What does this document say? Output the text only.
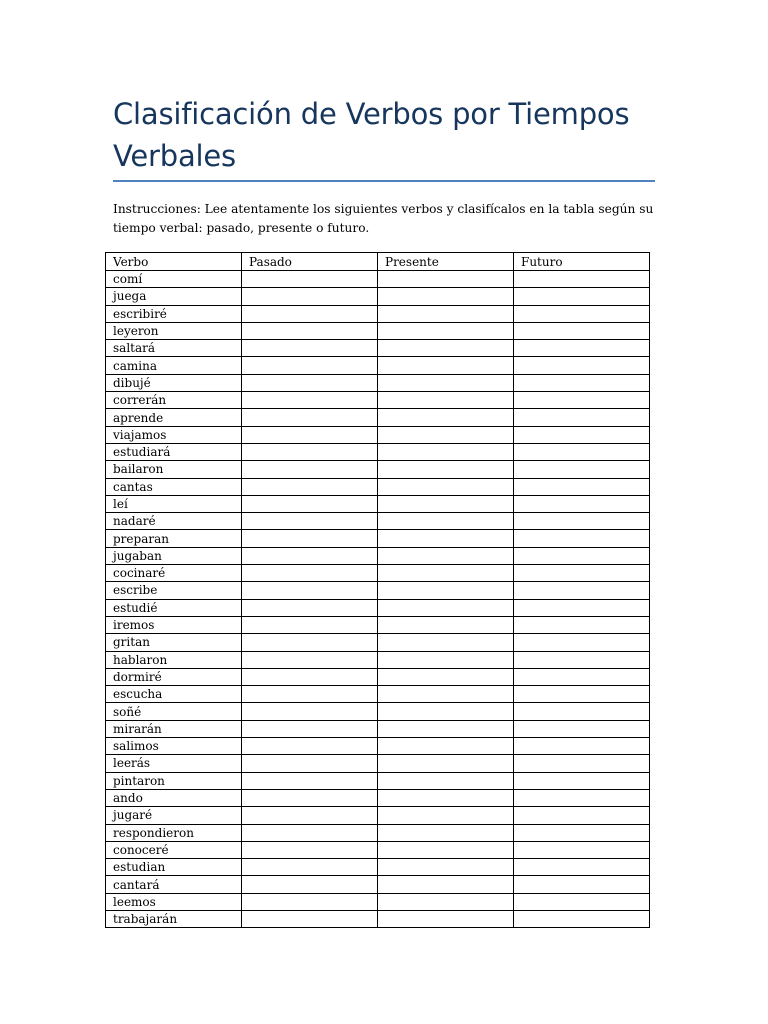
Clasificación de Verbos por Tiempos Verbales

Instrucciones: Lee atentamente los siguientes verbos y clasifícalos en la tabla según su tiempo verbal: pasado, presente o futuro.

Verbo	Pasado	Presente	Futuro
comí			
juega			
escribiré			
leyeron			
saltará			
camina			
dibujé			
correrán			
aprende			
viajamos			
estudiará			
bailaron			
cantas			
leí			
nadaré			
preparan			
jugaban			
cocinaré			
escribe			
estudié			
iremos			
gritan			
hablaron			
dormiré			
escucha			
soñé			
mirarán			
salimos			
leerás			
pintaron			
ando			
jugaré			
respondieron			
conoceré			
estudian			
cantará			
leemos			
trabajarán			
